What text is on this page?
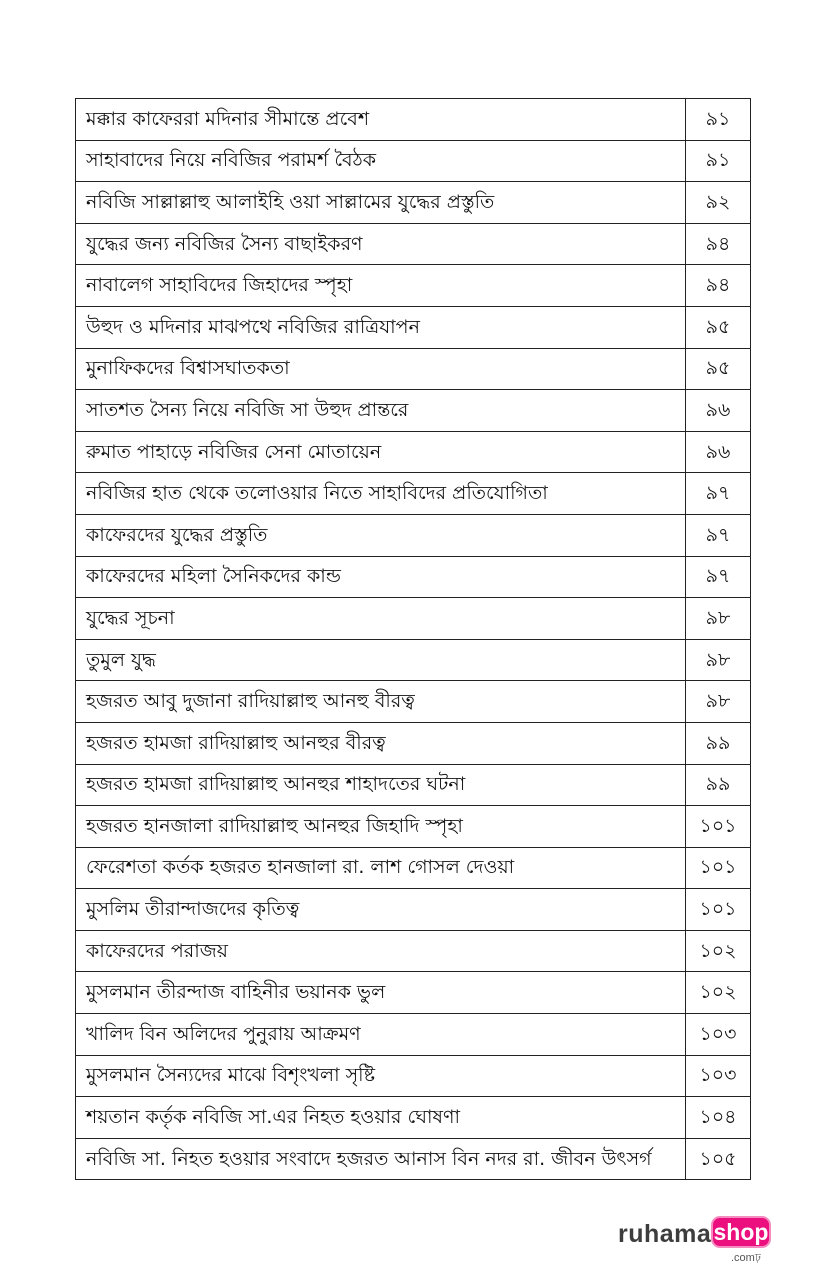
মক্কার কাফেররা মদিনার সীমান্তে প্রবেশ	৯১
সাহাবাদের নিয়ে নবিজির পরামর্শ বৈঠক	৯১
নবিজি সাল্লাল্লাহু আলাইহি ওয়া সাল্লামের যুদ্ধের প্রস্তুতি	৯২
যুদ্ধের জন্য নবিজির সৈন্য বাছাইকরণ	৯৪
নাবালেগ সাহাবিদের জিহাদের স্পৃহা	৯৪
উহুদ ও মদিনার মাঝপথে নবিজির রাত্রিযাপন	৯৫
মুনাফিকদের বিশ্বাসঘাতকতা	৯৫
সাতশত সৈন্য নিয়ে নবিজি সা উহুদ প্রান্তরে	৯৬
রুমাত পাহাড়ে নবিজির সেনা মোতায়েন	৯৬
নবিজির হাত থেকে তলোওয়ার নিতে সাহাবিদের প্রতিযোগিতা	৯৭
কাফেরদের যুদ্ধের প্রস্তুতি	৯৭
কাফেরদের মহিলা সৈনিকদের কান্ড	৯৭
যুদ্ধের সূচনা	৯৮
তুমুল যুদ্ধ	৯৮
হজরত আবু দুজানা রাদিয়াল্লাহু আনহু বীরত্ব	৯৮
হজরত হামজা রাদিয়াল্লাহু আনহুর বীরত্ব	৯৯
হজরত হামজা রাদিয়াল্লাহু আনহুর শাহাদতের ঘটনা	৯৯
হজরত হানজালা রাদিয়াল্লাহু আনহুর জিহাদি স্পৃহা	১০১
ফেরেশতা কর্তক হজরত হানজালা রা. লাশ গোসল দেওয়া	১০১
মুসলিম তীরান্দাজদের কৃতিত্ব	১০১
কাফেরদের পরাজয়	১০২
মুসলমান তীরন্দাজ বাহিনীর ভয়ানক ভুল	১০২
খালিদ বিন অলিদের পুনুরায় আক্রমণ	১০৩
মুসলমান সৈন্যদের মাঝে বিশৃংখলা সৃষ্টি	১০৩
শয়তান কর্তৃক নবিজি সা.এর নিহত হওয়ার ঘোষণা	১০৪
নবিজি সা. নিহত হওয়ার সংবাদে হজরত আনাস বিন নদর রা. জীবন উৎসর্গ	১০৫
ruhama shop
.comঢ়
